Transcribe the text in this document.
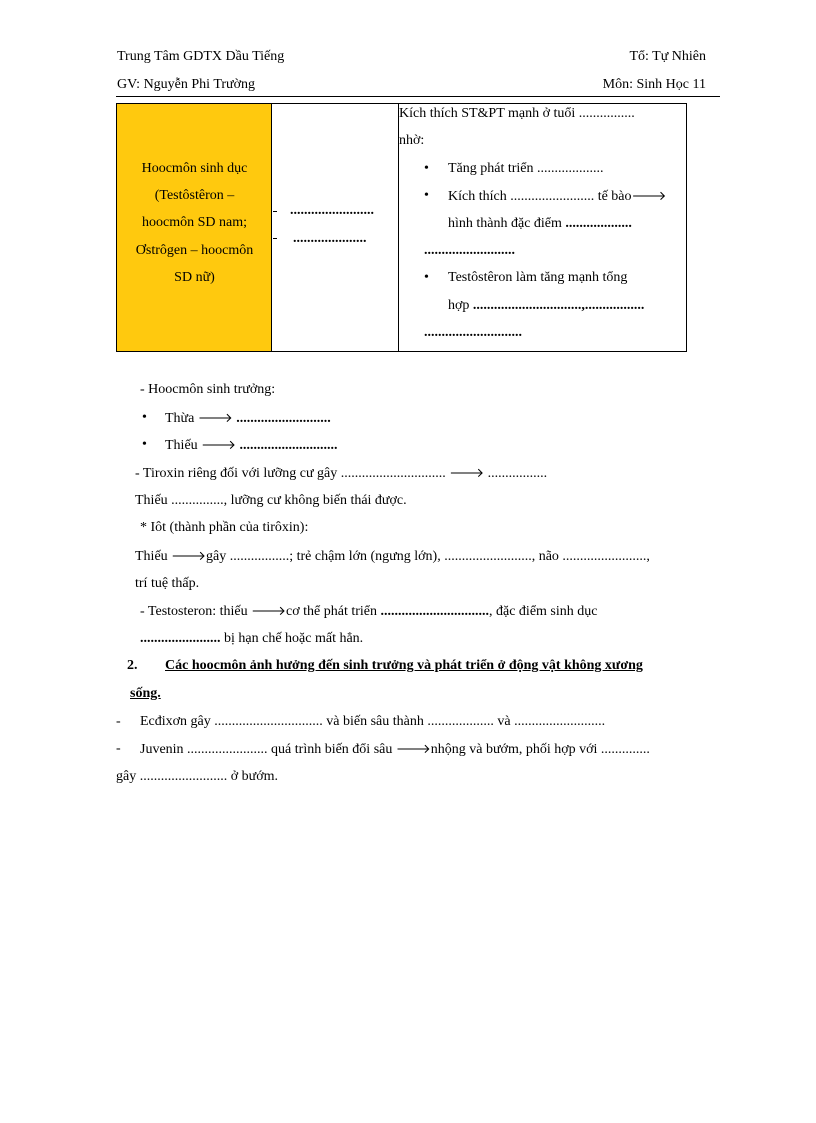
Trung Tâm GDTX Dầu Tiếng	Tổ: Tự Nhiên
GV: Nguyễn Phi Trường	Môn: Sinh Học 11
Hoocmôn sinh dục
(Testôstêron –
hoocmôn SD nam;
Ơstrôgen – hoocmôn
SD nữ)
........................
.....................
Kích thích ST&PT mạnh ở tuổi ................
nhờ:
• Tăng phát triển ...................
• Kích thích ........................ tế bào🡒
hình thành đặc điểm ...................
..........................
• Testôstêron làm tăng mạnh tổng
hợp ...............................,.................
............................
- Hoocmôn sinh trưởng:
• Thừa 🡒 ...........................
• Thiếu 🡒 ............................
- Tiroxin riêng đối với lưỡng cư gây .............................. 🡒 .................
Thiếu ..............., lưỡng cư không biến thái được.
* Iôt (thành phần của tirôxin):
Thiếu 🡒gây .................; trẻ chậm lớn (ngưng lớn), ........................., não ........................,
trí tuệ thấp.
- Testosteron: thiếu 🡒cơ thể phát triển ..............................., đặc điểm sinh dục
....................... bị hạn chế hoặc mất hẳn.
2. Các hoocmôn ảnh hưởng đến sinh trưởng và phát triển ở động vật không xương
sống.
- Ecđixơn gây ............................... và biến sâu thành ................... và ..........................
- Juvenin ....................... quá trình biến đổi sâu 🡒nhộng và bướm, phối hợp với ..............
gây ......................... ở bướm.
